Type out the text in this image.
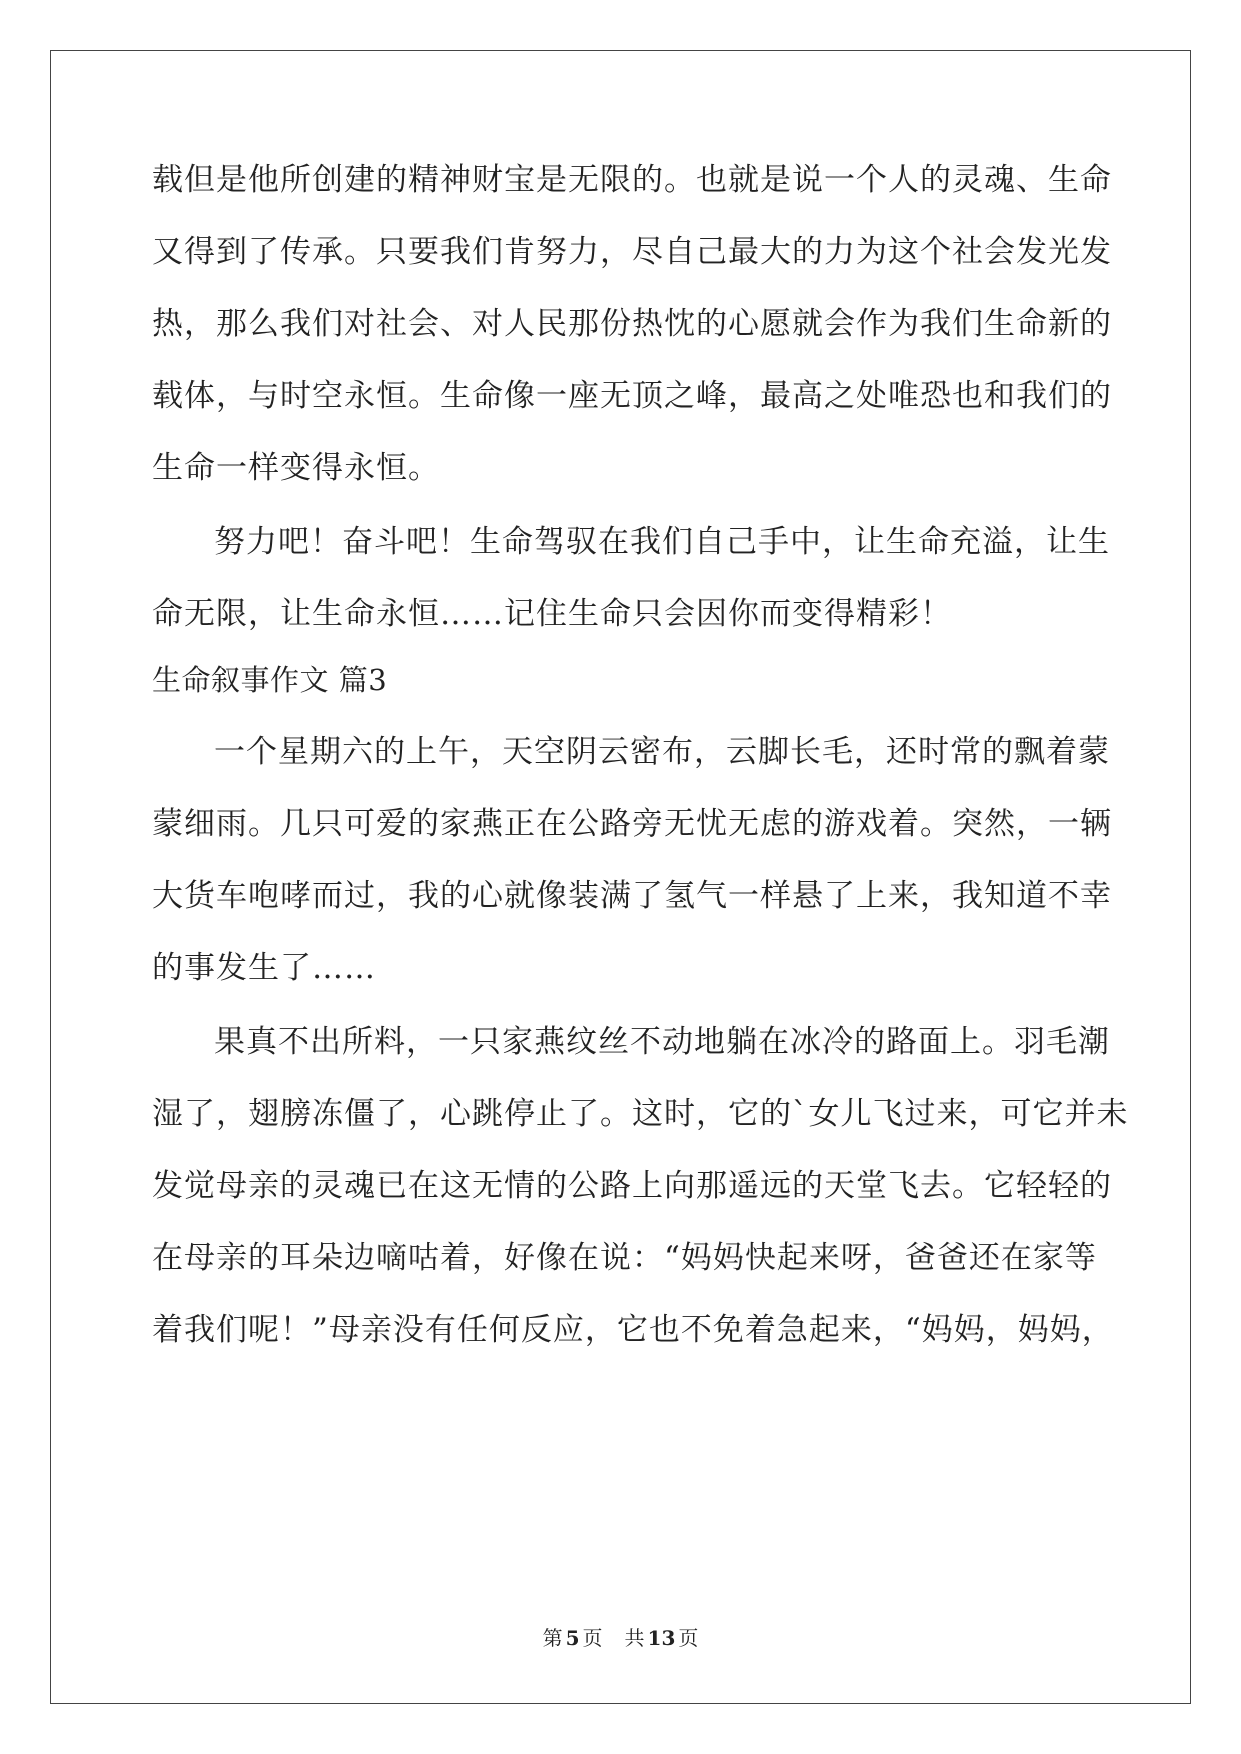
载但是他所创建的精神财宝是无限的。也就是说一个人的灵魂、生命
又得到了传承。只要我们肯努力，尽自己最大的力为这个社会发光发
热，那么我们对社会、对人民那份热忱的心愿就会作为我们生命新的
载体，与时空永恒。生命像一座无顶之峰，最高之处唯恐也和我们的
生命一样变得永恒。
努力吧！奋斗吧！生命驾驭在我们自己手中，让生命充溢，让生
命无限，让生命永恒……记住生命只会因你而变得精彩！
生命叙事作文 篇3
一个星期六的上午，天空阴云密布，云脚长毛，还时常的飘着蒙
蒙细雨。几只可爱的家燕正在公路旁无忧无虑的游戏着。突然，一辆
大货车咆哮而过，我的心就像装满了氢气一样悬了上来，我知道不幸
的事发生了……
果真不出所料，一只家燕纹丝不动地躺在冰冷的路面上。羽毛潮
湿了，翅膀冻僵了，心跳停止了。这时，它的`女儿飞过来，可它并未
发觉母亲的灵魂已在这无情的公路上向那遥远的天堂飞去。它轻轻的
在母亲的耳朵边嘀咕着，好像在说：“妈妈快起来呀，爸爸还在家等
着我们呢！”母亲没有任何反应，它也不免着急起来，“妈妈，妈妈，
第 5 页 共 13 页
